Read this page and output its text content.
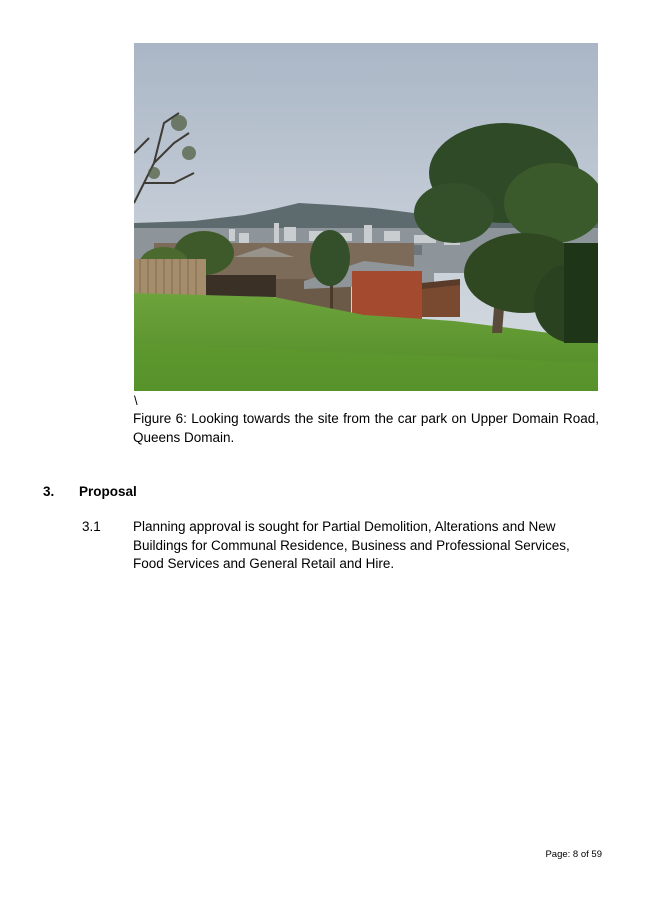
\
Figure 6: Looking towards the site from the car park on Upper Domain Road, Queens Domain.
3. Proposal
3.1 Planning approval is sought for Partial Demolition, Alterations and New Buildings for Communal Residence, Business and Professional Services, Food Services and General Retail and Hire.
Page: 8 of 59
